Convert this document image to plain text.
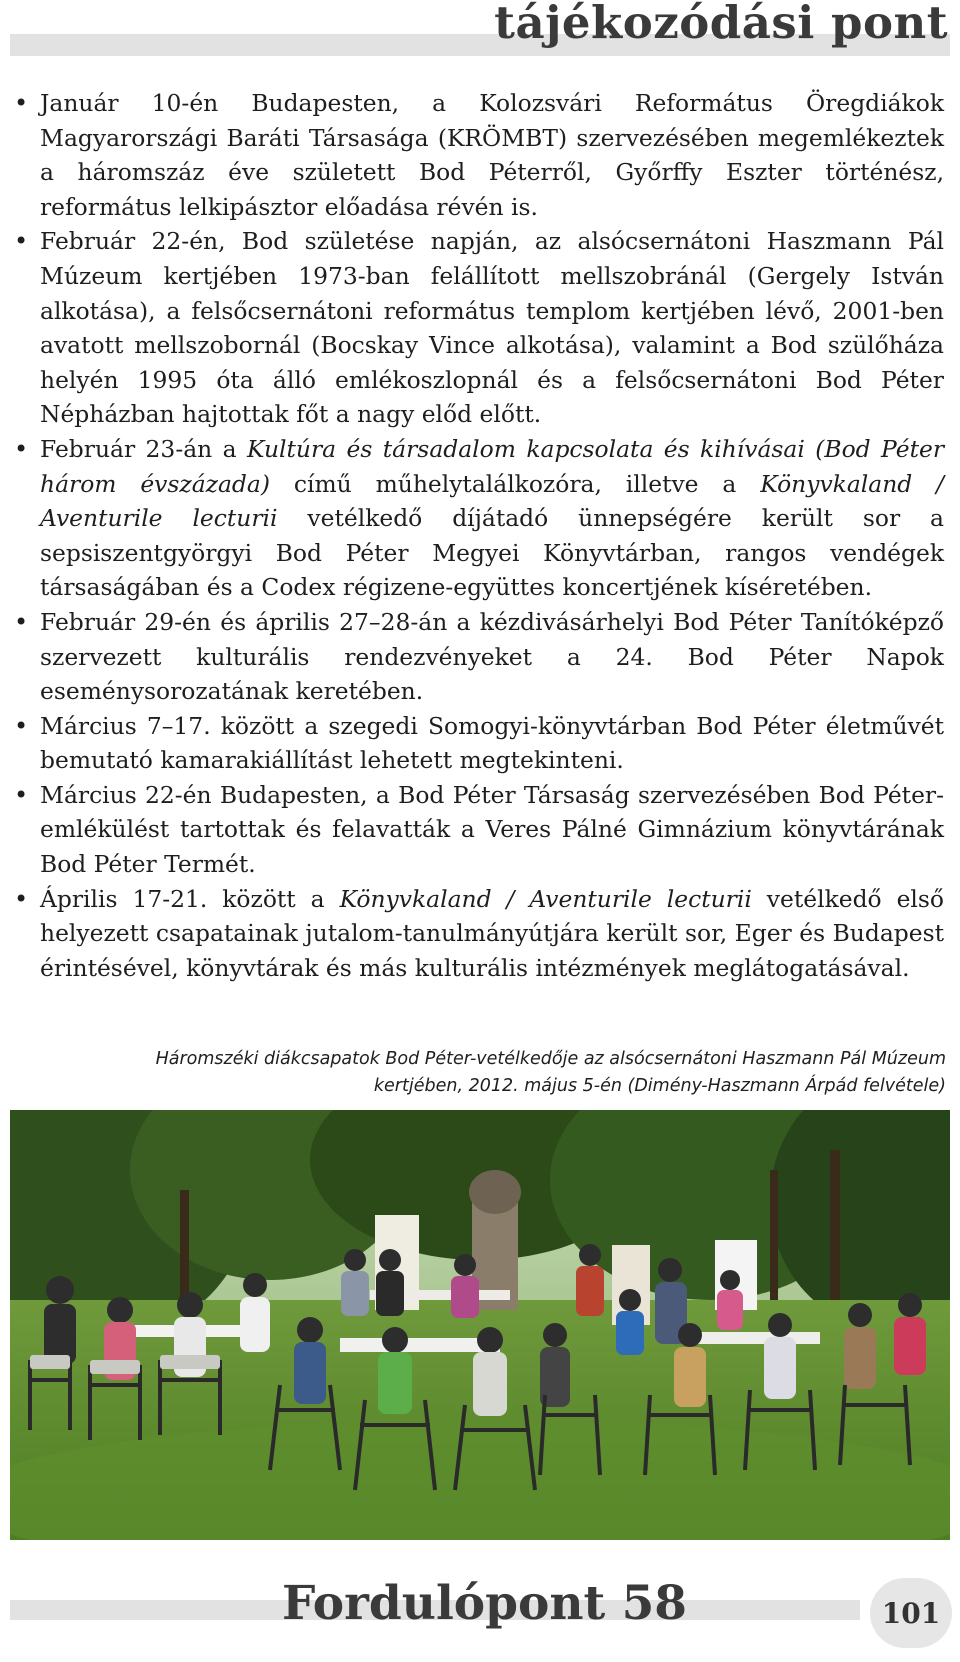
tájékozódási pont
• Január 10-én Budapesten, a Kolozsvári Református Öregdiákok Magyarországi Baráti Társasága (KRÖMBT) szervezésében megemlékeztek a háromszáz éve született Bod Péterről, Győrffy Eszter történész, református lelkipásztor előadása révén is.
• Február 22-én, Bod születése napján, az alsócsernátoni Haszmann Pál Múzeum kertjében 1973-ban felállított mellszobránál (Gergely István alkotása), a felsőcsernátoni református templom kertjében lévő, 2001-ben avatott mellszobornál (Bocskay Vince alkotása), valamint a Bod szülőháza helyén 1995 óta álló emlékoszlopnál és a felsőcsernátoni Bod Péter Népházban hajtottak főt a nagy előd előtt.
• Február 23-án a Kultúra és társadalom kapcsolata és kihívásai (Bod Péter három évszázada) című műhelytalálkozóra, illetve a Könyvkaland / Aventurile lecturii vetélkedő díjátadó ünnepségére került sor a sepsiszentgyörgyi Bod Péter Megyei Könyvtárban, rangos vendégek társaságában és a Codex régizene-együttes koncertjének kíséretében.
• Február 29-én és április 27–28-án a kézdivásárhelyi Bod Péter Tanítóképző szervezett kulturális rendezvényeket a 24. Bod Péter Napok eseménysorozatának keretében.
• Március 7–17. között a szegedi Somogyi-könyvtárban Bod Péter életművét bemutató kamarakiállítást lehetett megtekinteni.
• Március 22-én Budapesten, a Bod Péter Társaság szervezésében Bod Péter-emlékülést tartottak és felavatták a Veres Pálné Gimnázium könyvtárának Bod Péter Termét.
• Április 17-21. között a Könyvkaland / Aventurile lecturii vetélkedő első helyezett csapatainak jutalom-tanulmányútjára került sor, Eger és Budapest érintésével, könyvtárak és más kulturális intézmények meglátogatásával.
Háromszéki diákcsapatok Bod Péter-vetélkedője az alsócsernátoni Haszmann Pál Múzeum
kertjében, 2012. május 5-én (Dimény-Haszmann Árpád felvétele)
Fordulópont 58	101
